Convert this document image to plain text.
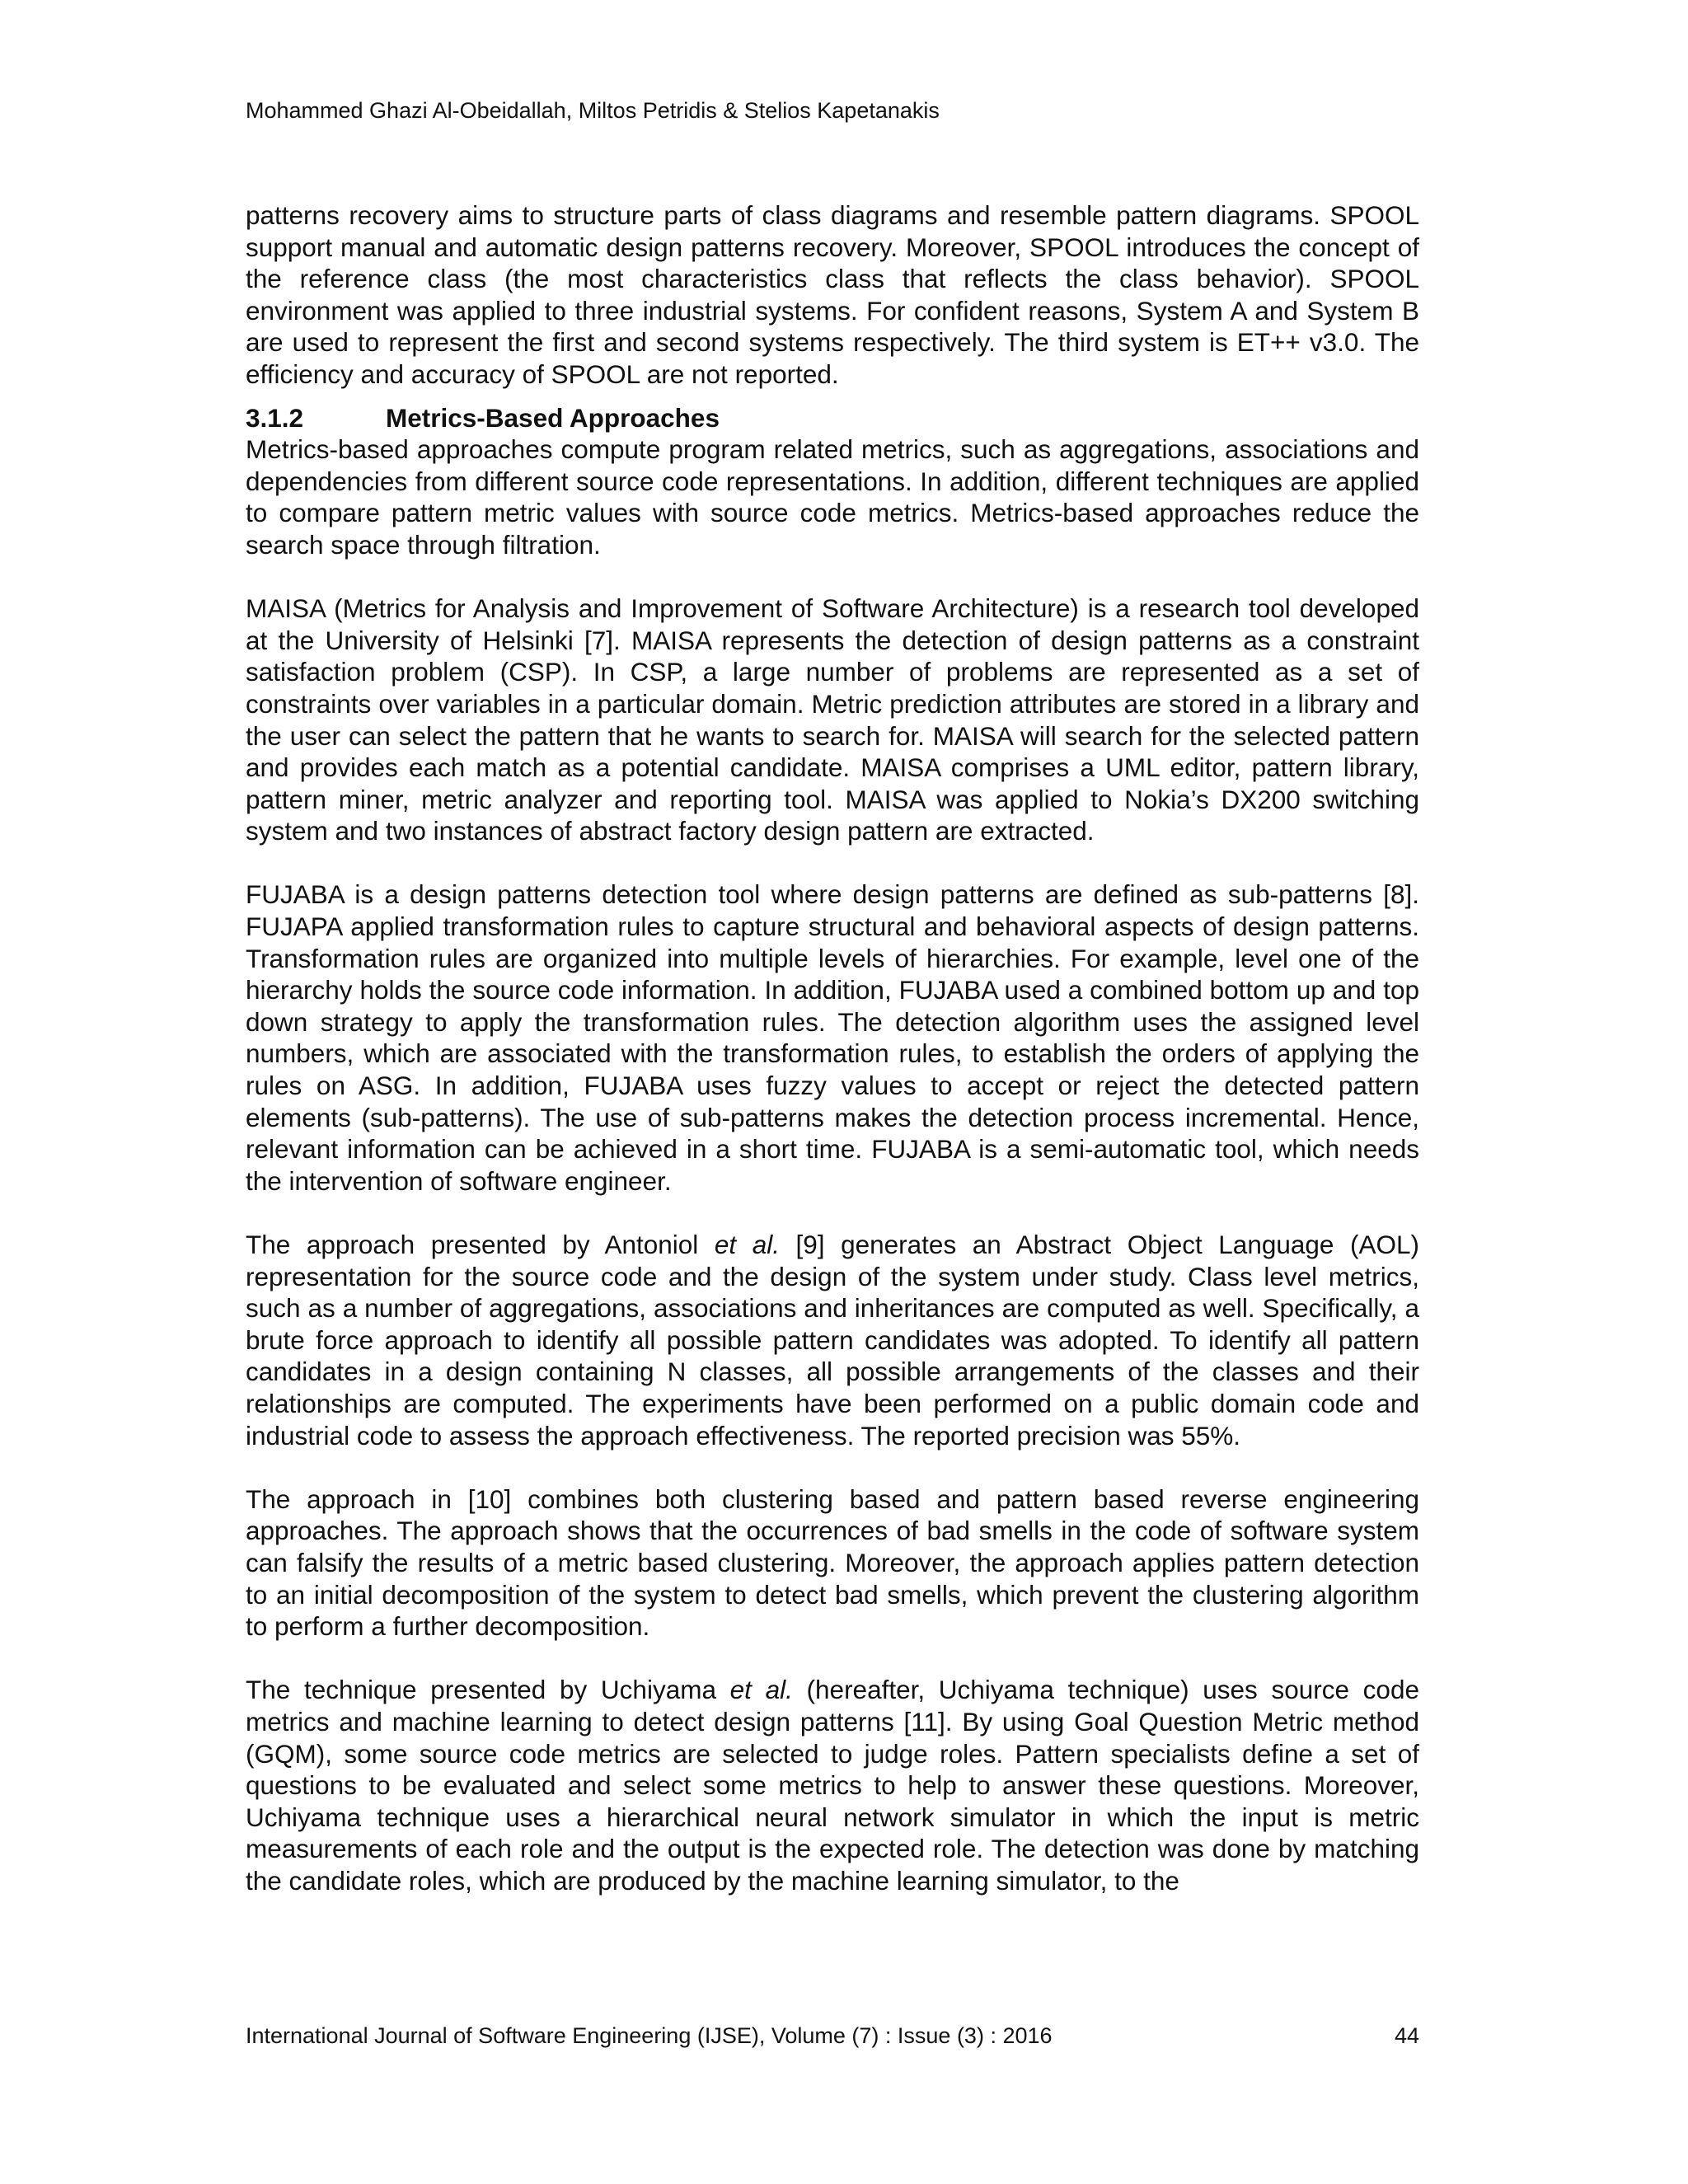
Mohammed Ghazi Al-Obeidallah, Miltos Petridis & Stelios Kapetanakis

patterns recovery aims to structure parts of class diagrams and resemble pattern diagrams. SPOOL support manual and automatic design patterns recovery. Moreover, SPOOL introduces the concept of the reference class (the most characteristics class that reflects the class behavior). SPOOL environment was applied to three industrial systems. For confident reasons, System A and System B are used to represent the first and second systems respectively. The third system is ET++ v3.0. The efficiency and accuracy of SPOOL are not reported.

3.1.2	Metrics-Based Approaches

Metrics-based approaches compute program related metrics, such as aggregations, associations and dependencies from different source code representations. In addition, different techniques are applied to compare pattern metric values with source code metrics. Metrics-based approaches reduce the search space through filtration.

MAISA (Metrics for Analysis and Improvement of Software Architecture) is a research tool developed at the University of Helsinki [7]. MAISA represents the detection of design patterns as a constraint satisfaction problem (CSP). In CSP, a large number of problems are represented as a set of constraints over variables in a particular domain. Metric prediction attributes are stored in a library and the user can select the pattern that he wants to search for. MAISA will search for the selected pattern and provides each match as a potential candidate. MAISA comprises a UML editor, pattern library, pattern miner, metric analyzer and reporting tool. MAISA was applied to Nokia’s DX200 switching system and two instances of abstract factory design pattern are extracted.

FUJABA is a design patterns detection tool where design patterns are defined as sub-patterns [8]. FUJAPA applied transformation rules to capture structural and behavioral aspects of design patterns. Transformation rules are organized into multiple levels of hierarchies. For example, level one of the hierarchy holds the source code information. In addition, FUJABA used a combined bottom up and top down strategy to apply the transformation rules. The detection algorithm uses the assigned level numbers, which are associated with the transformation rules, to establish the orders of applying the rules on ASG. In addition, FUJABA uses fuzzy values to accept or reject the detected pattern elements (sub-patterns). The use of sub-patterns makes the detection process incremental. Hence, relevant information can be achieved in a short time. FUJABA is a semi-automatic tool, which needs the intervention of software engineer.

The approach presented by Antoniol et al. [9] generates an Abstract Object Language (AOL) representation for the source code and the design of the system under study. Class level metrics, such as a number of aggregations, associations and inheritances are computed as well. Specifically, a brute force approach to identify all possible pattern candidates was adopted. To identify all pattern candidates in a design containing N classes, all possible arrangements of the classes and their relationships are computed. The experiments have been performed on a public domain code and industrial code to assess the approach effectiveness. The reported precision was 55%.

The approach in [10] combines both clustering based and pattern based reverse engineering approaches. The approach shows that the occurrences of bad smells in the code of software system can falsify the results of a metric based clustering. Moreover, the approach applies pattern detection to an initial decomposition of the system to detect bad smells, which prevent the clustering algorithm to perform a further decomposition.

The technique presented by Uchiyama et al. (hereafter, Uchiyama technique) uses source code metrics and machine learning to detect design patterns [11]. By using Goal Question Metric method (GQM), some source code metrics are selected to judge roles. Pattern specialists define a set of questions to be evaluated and select some metrics to help to answer these questions. Moreover, Uchiyama technique uses a hierarchical neural network simulator in which the input is metric measurements of each role and the output is the expected role. The detection was done by matching the candidate roles, which are produced by the machine learning simulator, to the

International Journal of Software Engineering (IJSE), Volume (7) : Issue (3) : 2016	44
